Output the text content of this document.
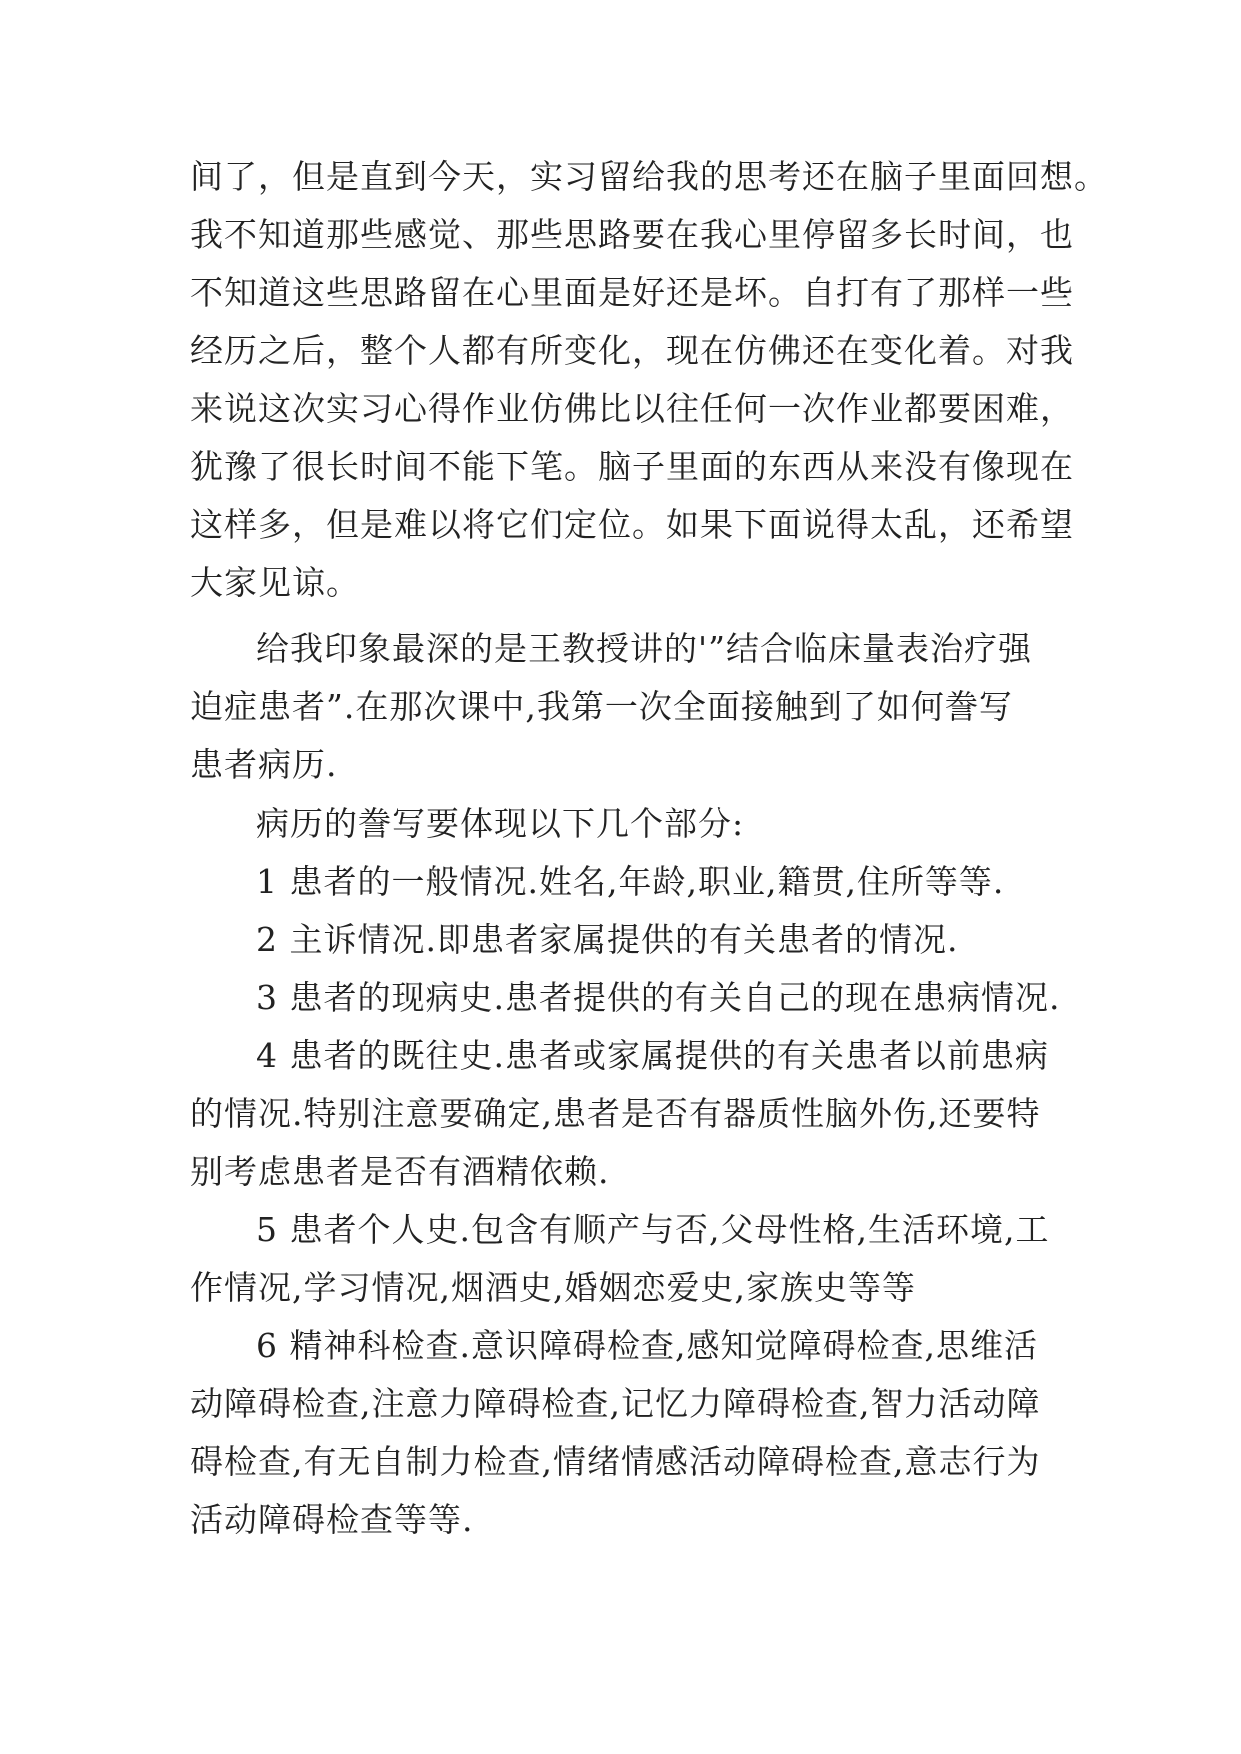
间了，但是直到今天，实习留给我的思考还在脑子里面回想。
我不知道那些感觉、那些思路要在我心里停留多长时间，也
不知道这些思路留在心里面是好还是坏。自打有了那样一些
经历之后，整个人都有所变化，现在仿佛还在变化着。对我
来说这次实习心得作业仿佛比以往任何一次作业都要困难，
犹豫了很长时间不能下笔。脑子里面的东西从来没有像现在
这样多，但是难以将它们定位。如果下面说得太乱，还希望
大家见谅。
给我印象最深的是王教授讲的'”结合临床量表治疗强
迫症患者”.在那次课中,我第一次全面接触到了如何誊写
患者病历.
病历的誊写要体现以下几个部分:
1 患者的一般情况.姓名,年龄,职业,籍贯,住所等等.
2 主诉情况.即患者家属提供的有关患者的情况.
3 患者的现病史.患者提供的有关自己的现在患病情况.
4 患者的既往史.患者或家属提供的有关患者以前患病
的情况.特别注意要确定,患者是否有器质性脑外伤,还要特
别考虑患者是否有酒精依赖.
5 患者个人史.包含有顺产与否,父母性格,生活环境,工
作情况,学习情况,烟酒史,婚姻恋爱史,家族史等等
6 精神科检查.意识障碍检查,感知觉障碍检查,思维活
动障碍检查,注意力障碍检查,记忆力障碍检查,智力活动障
碍检查,有无自制力检查,情绪情感活动障碍检查,意志行为
活动障碍检查等等.
